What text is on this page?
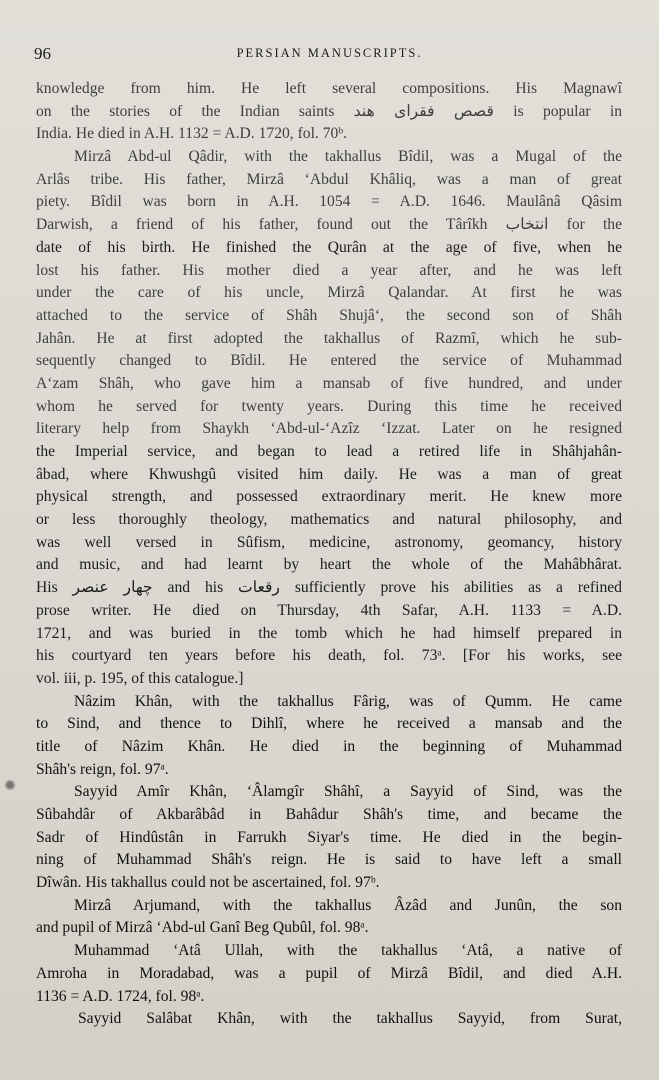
96	PERSIAN MANUSCRIPTS.
knowledge from him. He left several compositions. His Magnawî
on the stories of the Indian saints قصص فقرای هند is popular in
India. He died in A.H. 1132 = A.D. 1720, fol. 70ᵇ.
Mirzâ Abd-ul Qâdir, with the takhallus Bîdil, was a Mugal of the
Arlâs tribe. His father, Mirzâ ‘Abdul Khâliq, was a man of great
piety. Bîdil was born in A.H. 1054 = A.D. 1646. Maulânâ Qâsim
Darwish, a friend of his father, found out the Târîkh انتخاب for the
date of his birth. He finished the Qurân at the age of five, when he
lost his father. His mother died a year after, and he was left
under the care of his uncle, Mirzâ Qalandar. At first he was
attached to the service of Shâh Shujâ‘, the second son of Shâh
Jahân. He at first adopted the takhallus of Razmî, which he sub-
sequently changed to Bîdil. He entered the service of Muhammad
A‘zam Shâh, who gave him a mansab of five hundred, and under
whom he served for twenty years. During this time he received
literary help from Shaykh ‘Abd-ul-‘Azîz ‘Izzat. Later on he resigned
the Imperial service, and began to lead a retired life in Shâhjahân-
âbad, where Khwushgû visited him daily. He was a man of great
physical strength, and possessed extraordinary merit. He knew more
or less thoroughly theology, mathematics and natural philosophy, and
was well versed in Sûfism, medicine, astronomy, geomancy, history
and music, and had learnt by heart the whole of the Mahâbhârat.
His چهار عنصر and his رقعات sufficiently prove his abilities as a refined
prose writer. He died on Thursday, 4th Safar, A.H. 1133 = A.D.
1721, and was buried in the tomb which he had himself prepared in
his courtyard ten years before his death, fol. 73ᵃ. [For his works, see
vol. iii, p. 195, of this catalogue.]
Nâzim Khân, with the takhallus Fârig, was of Qumm. He came
to Sind, and thence to Dihlî, where he received a mansab and the
title of Nâzim Khân. He died in the beginning of Muhammad
Shâh's reign, fol. 97ᵃ.
Sayyid Amîr Khân, ‘Âlamgîr Shâhî, a Sayyid of Sind, was the
Sûbahdâr of Akbarâbâd in Bahâdur Shâh's time, and became the
Sadr of Hindûstân in Farrukh Siyar's time. He died in the begin-
ning of Muhammad Shâh's reign. He is said to have left a small
Dîwân. His takhallus could not be ascertained, fol. 97ᵇ.
Mirzâ Arjumand, with the takhallus Âzâd and Junûn, the son
and pupil of Mirzâ ‘Abd-ul Ganî Beg Qubûl, fol. 98ᵃ.
Muhammad ‘Atâ Ullah, with the takhallus ‘Atâ, a native of
Amroha in Moradabad, was a pupil of Mirzâ Bîdil, and died A.H.
1136 = A.D. 1724, fol. 98ᵃ.
Sayyid Salâbat Khân, with the takhallus Sayyid, from Surat,
